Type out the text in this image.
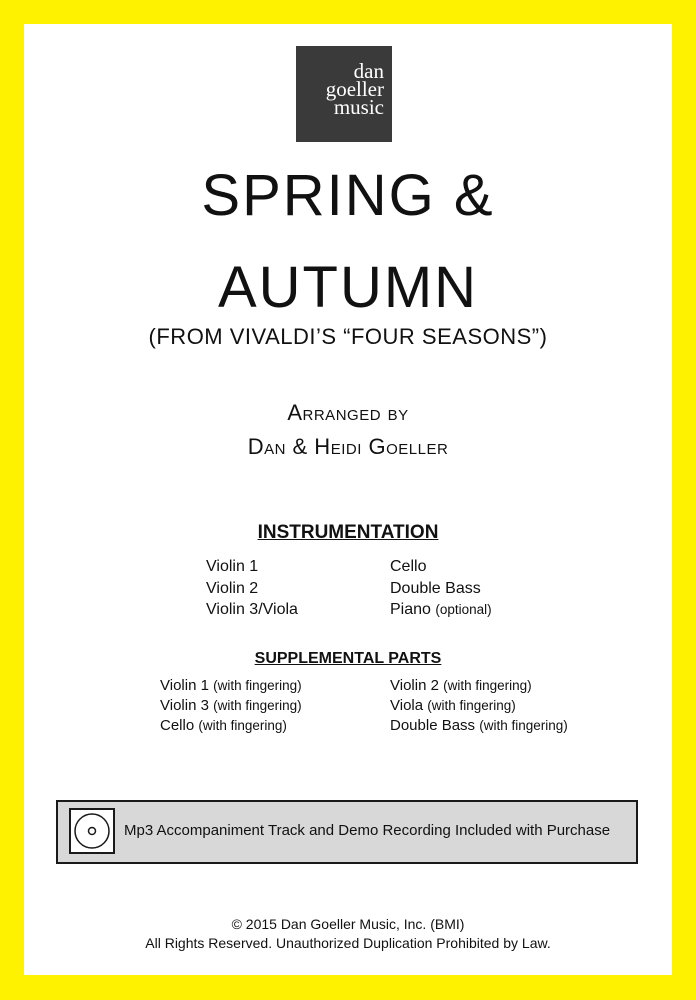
dan
goeller
music
SPRING &
AUTUMN
(FROM VIVALDI’S “FOUR SEASONS”)
Arranged by
Dan & Heidi Goeller
INSTRUMENTATION
Violin 1
Violin 2
Violin 3/Viola
Cello
Double Bass
Piano (optional)
SUPPLEMENTAL PARTS
Violin 1 (with fingering)
Violin 3 (with fingering)
Cello (with fingering)
Violin 2 (with fingering)
Viola (with fingering)
Double Bass (with fingering)
Mp3 Accompaniment Track and Demo Recording Included with Purchase
© 2015 Dan Goeller Music, Inc. (BMI)
All Rights Reserved. Unauthorized Duplication Prohibited by Law.
